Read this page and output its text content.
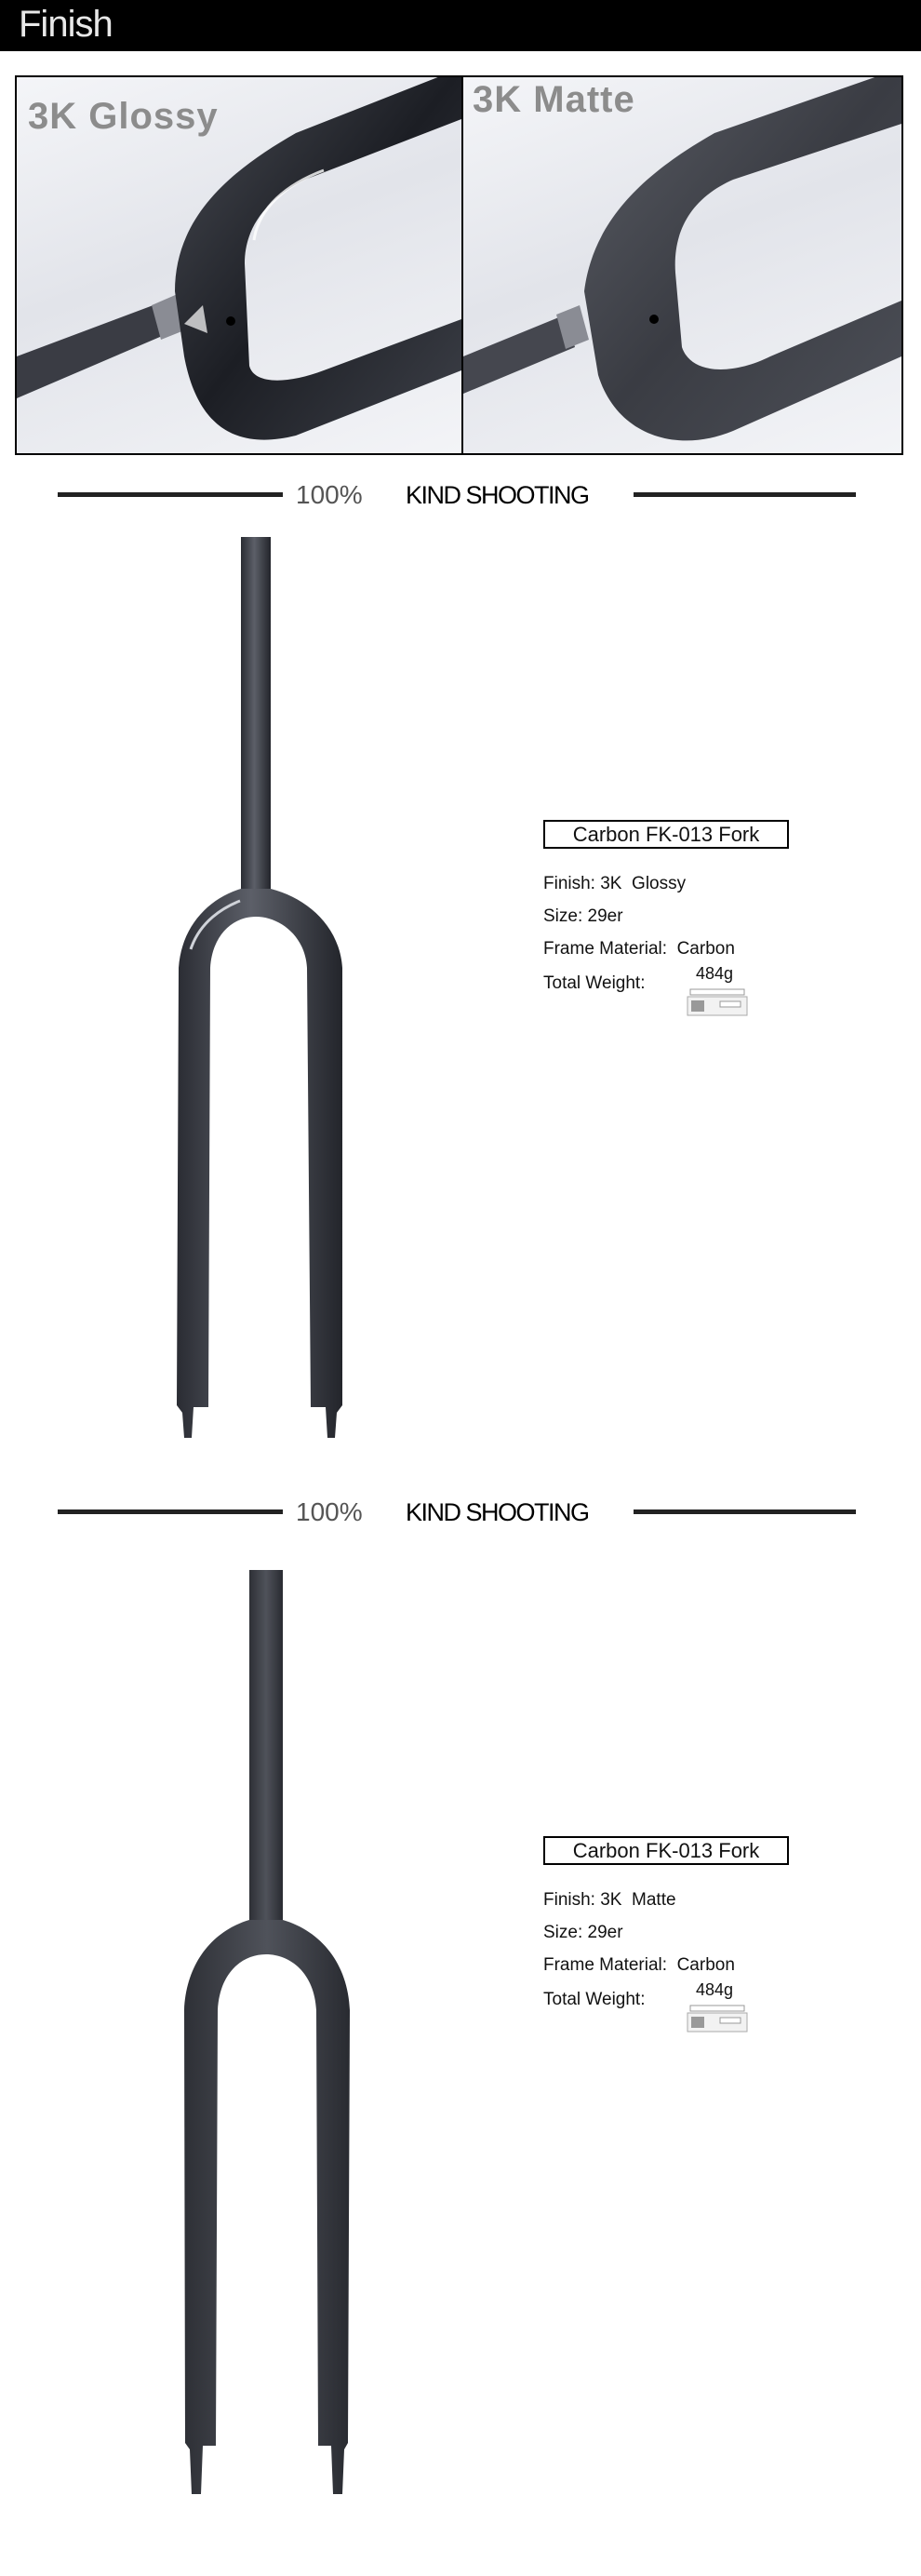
Finish
3K Glossy	3K Matte
100% KIND SHOOTING
Carbon FK-013 Fork
Finish: 3K  Glossy
Size: 29er
Frame Material:  Carbon
Total Weight:	484g
100% KIND SHOOTING
Carbon FK-013 Fork
Finish: 3K  Matte
Size: 29er
Frame Material:  Carbon
Total Weight:	484g
